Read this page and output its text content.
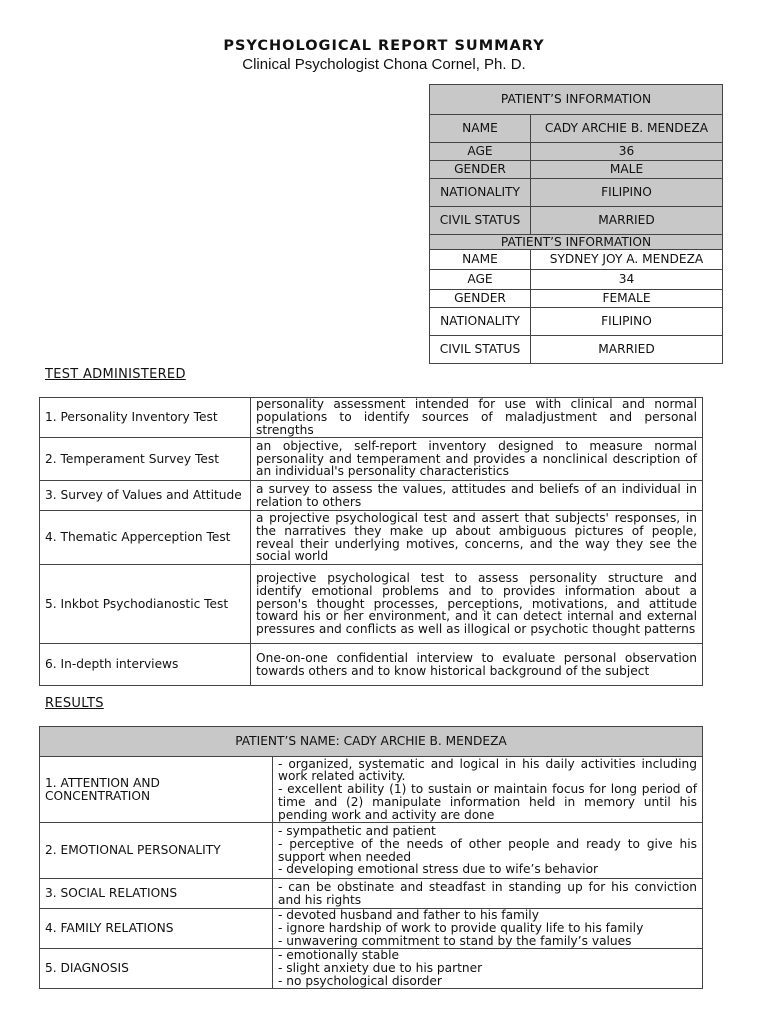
PSYCHOLOGICAL REPORT SUMMARY
Clinical Psychologist Chona Cornel, Ph. D.
PATIENT’S INFORMATION	
NAME	CADY ARCHIE B. MENDEZA
AGE	36
GENDER	MALE
NATIONALITY	FILIPINO
CIVIL STATUS	MARRIED
PATIENT’S INFORMATION	
NAME	SYDNEY JOY A. MENDEZA
AGE	34
GENDER	FEMALE
NATIONALITY	FILIPINO
CIVIL STATUS	MARRIED
TEST ADMINISTERED
1. Personality Inventory Test	personality assessment intended for use with clinical and normal populations to identify sources of maladjustment and personal strengths
2. Temperament Survey Test	an objective, self-report inventory designed to measure normal personality and temperament and provides a nonclinical description of an individual's personality characteristics
3. Survey of Values and Attitude	a survey to assess the values, attitudes and beliefs of an individual in relation to others
4. Thematic Apperception Test	a projective psychological test and assert that subjects' responses, in the narratives they make up about ambiguous pictures of people, reveal their underlying motives, concerns, and the way they see the social world
5. Inkbot Psychodianostic Test	projective psychological test to assess personality structure and identify emotional problems and to provides information about a person's thought processes, perceptions, motivations, and attitude toward his or her environment, and it can detect internal and external pressures and conflicts as well as illogical or psychotic thought patterns
6. In-depth interviews	One-on-one confidential interview to evaluate personal observation towards others and to know historical background of the subject
RESULTS
PATIENT’S NAME: CADY ARCHIE B. MENDEZA	
1. ATTENTION AND CONCENTRATION	- organized, systematic and logical in his daily activities including work related activity.
- excellent ability (1) to sustain or maintain focus for long period of time and (2) manipulate information held in memory until his pending work and activity are done

2. EMOTIONAL PERSONALITY	- sympathetic and patient
- perceptive of the needs of other people and ready to give his support when needed
- developing emotional stress due to wife’s behavior

3. SOCIAL RELATIONS	- can be obstinate and steadfast in standing up for his conviction and his rights

4. FAMILY RELATIONS	- devoted husband and father to his family
- ignore hardship of work to provide quality life to his family
- unwavering commitment to stand by the family’s values

5. DIAGNOSIS	- emotionally stable
- slight anxiety due to his partner
- no psychological disorder
